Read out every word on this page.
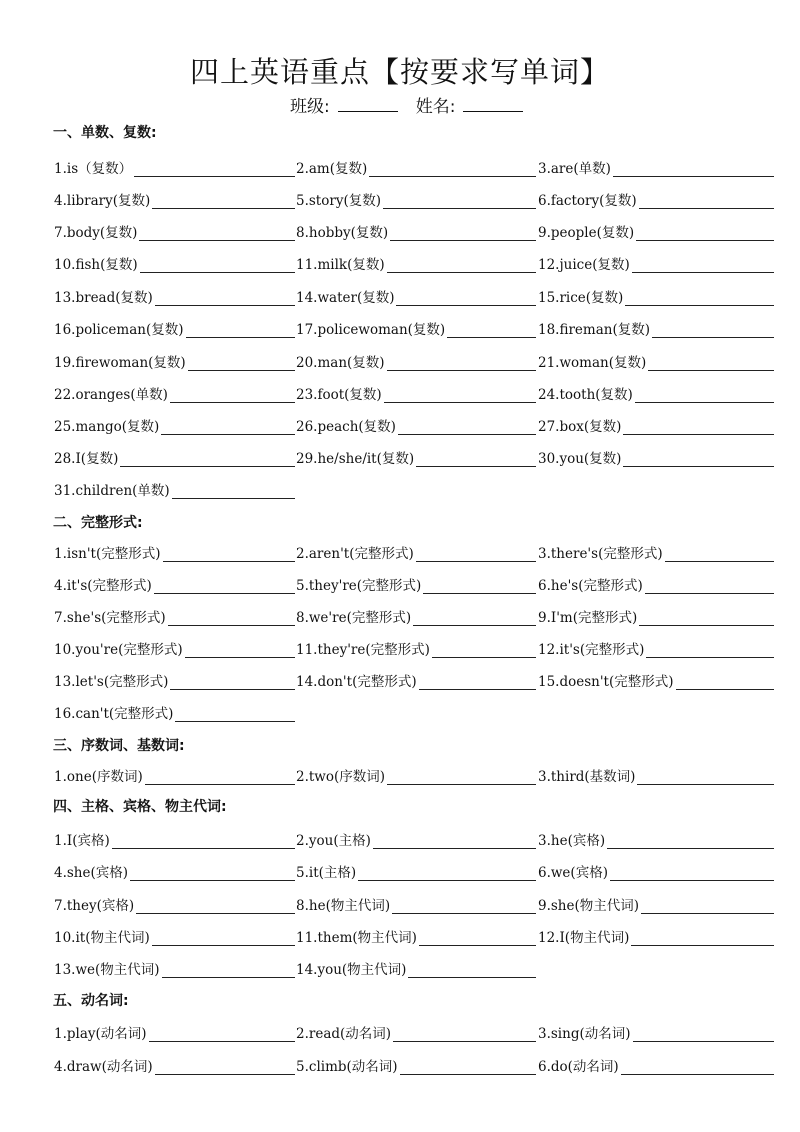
四上英语重点【按要求写单词】
班级:	姓名:
一、单数、复数:
1.is（复数）	2.am(复数)	3.are(单数)
4.library(复数)	5.story(复数)	6.factory(复数)
7.body(复数)	8.hobby(复数)	9.people(复数)
10.fish(复数)	11.milk(复数)	12.juice(复数)
13.bread(复数)	14.water(复数)	15.rice(复数)
16.policeman(复数)	17.policewoman(复数)	18.fireman(复数)
19.firewoman(复数)	20.man(复数)	21.woman(复数)
22.oranges(单数)	23.foot(复数)	24.tooth(复数)
25.mango(复数)	26.peach(复数)	27.box(复数)
28.I(复数)	29.he/she/it(复数)	30.you(复数)
31.children(单数)
二、完整形式:
1.isn't(完整形式)	2.aren't(完整形式)	3.there's(完整形式)
4.it's(完整形式)	5.they're(完整形式)	6.he's(完整形式)
7.she's(完整形式)	8.we're(完整形式)	9.I'm(完整形式)
10.you're(完整形式)	11.they're(完整形式)	12.it's(完整形式)
13.let's(完整形式)	14.don't(完整形式)	15.doesn't(完整形式)
16.can't(完整形式)
三、序数词、基数词:
1.one(序数词)	2.two(序数词)	3.third(基数词)
四、主格、宾格、物主代词:
1.I(宾格)	2.you(主格)	3.he(宾格)
4.she(宾格)	5.it(主格)	6.we(宾格)
7.they(宾格)	8.he(物主代词)	9.she(物主代词)
10.it(物主代词)	11.them(物主代词)	12.I(物主代词)
13.we(物主代词)	14.you(物主代词)
五、动名词:
1.play(动名词)	2.read(动名词)	3.sing(动名词)
4.draw(动名词)	5.climb(动名词)	6.do(动名词)
